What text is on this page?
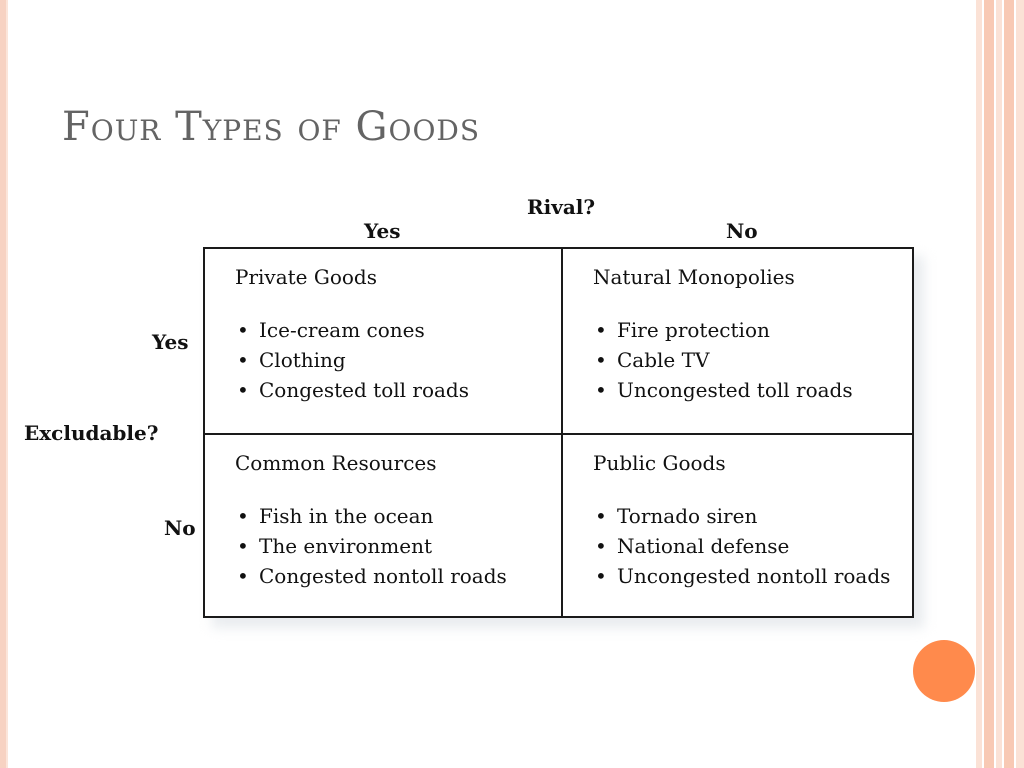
Four Types of Goods
Rival?
Yes	No
Yes
Excludable?
No
Private Goods
• Ice-cream cones
• Clothing
• Congested toll roads
Natural Monopolies
• Fire protection
• Cable TV
• Uncongested toll roads
Common Resources
• Fish in the ocean
• The environment
• Congested nontoll roads
Public Goods
• Tornado siren
• National defense
• Uncongested nontoll roads
